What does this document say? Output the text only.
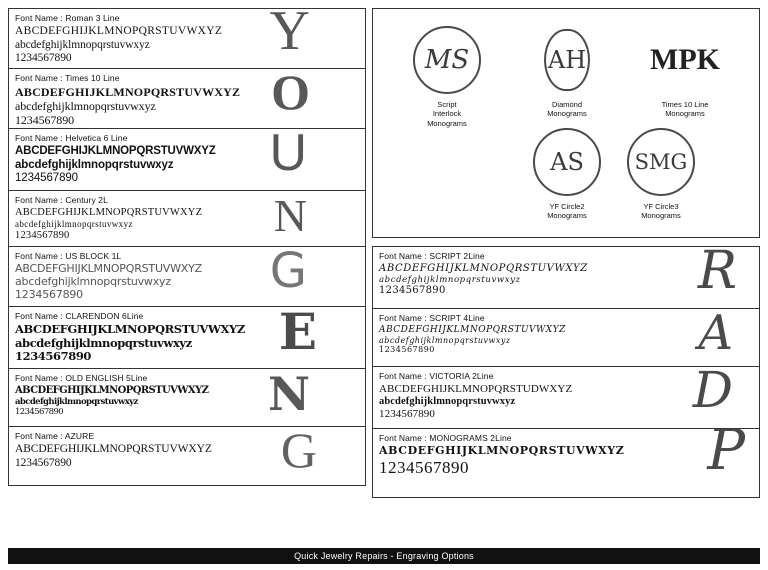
Font Name : Roman 3 Line
ABCDEFGHIJKLMNOPQRSTUVWXYZ
abcdefghijklmnopqrstuvwxyz
1234567890	Y
Font Name : Times 10 Line
ABCDEFGHIJKLMNOPQRSTUVWXYZ
abcdefghijklmnopqrstuvwxyz
1234567890
O
Font Name : Helvetica 6 Line
ABCDEFGHIJKLMNOPQRSTUVWXYZ
abcdefghijklmnopqrstuvwxyz
1234567890	U
Font Name : Century 2L
ABCDEFGHIJKLMNOPQRSTUVWXYZ
abcdefghijklmnopqrstuvwxyz
1234567890	N
Font Name : US BLOCK 1L
ABCDEFGHIJKLMNOPQRSTUVWXYZ
abcdefghijklmnopqrstuvwxyz
1234567890	G
Font Name : CLARENDON 6Line
ABCDEFGHIJKLMNOPQRSTUVWXYZ
abcdefghijklmnopqrstuvwxyz
1234567890	E
Font Name : OLD ENGLISH 5Line
ABCDEFGHIJKLMNOPQRSTUVWXYZ
abcdefghijklmnopqrstuvwxyz
1234567890	N
Font Name : AZURE
ABCDEFGHIJKLMNOPQRSTUVWXYZ
1234567890	G
MS
Script
Interlock
Monograms
AH
Diamond
Monograms
MPK
Times 10 Line
Monograms
AS
YF Circle2
Monograms
SMG
YF Circle3
Monograms
Font Name : SCRIPT 2Line
ABCDEFGHIJKLMNOPQRSTUVWXYZ
abcdefghijklmnopqrstuvwxyz
1234567890	R
Font Name : SCRIPT 4Line
ABCDEFGHIJKLMNOPQRSTUVWXYZ
abcdefghijklmnopqrstuvwxyz
1234567890	A
Font Name : VICTORIA 2Line
ABCDEFGHIJKLMNOPQRSTUDWXYZ
abcdefghijklmnopqrstuvwxyz
1234567890	D
Font Name : MONOGRAMS 2Line
ABCDEFGHIJKLMNOPQRSTUVWXYZ
1234567890	P
Quick Jewelry Repairs - Engraving Options
